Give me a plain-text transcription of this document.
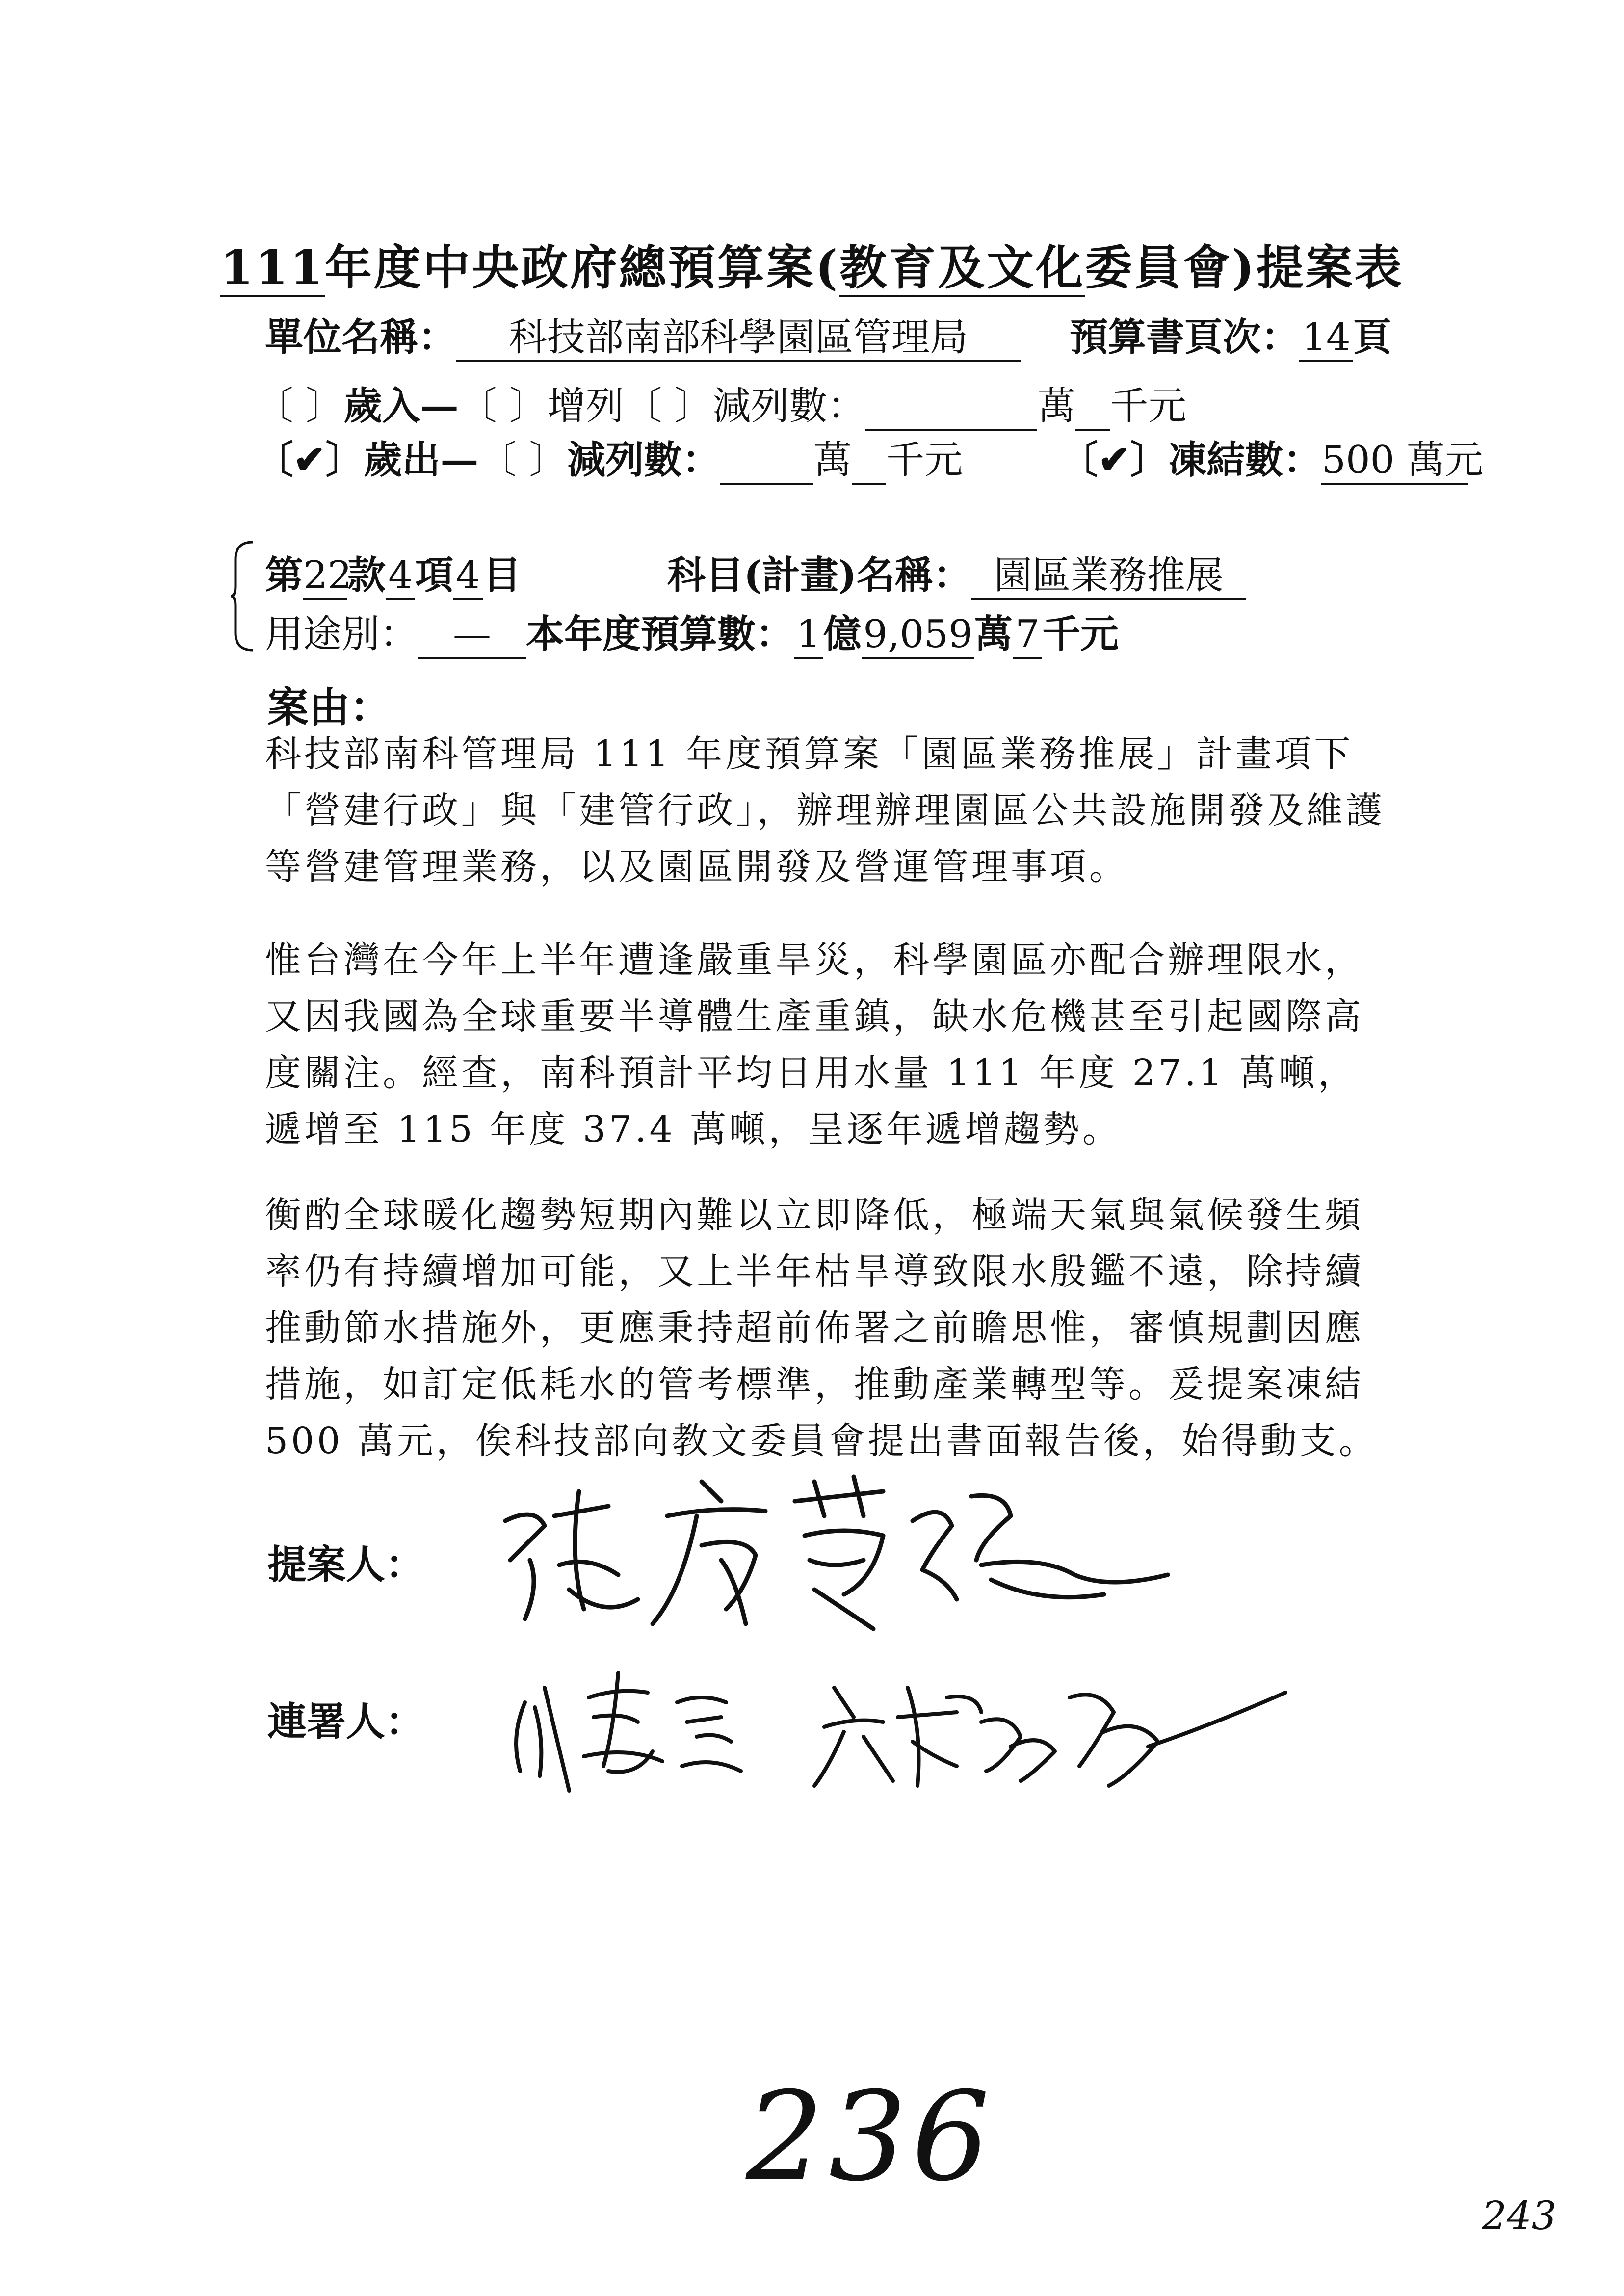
111年度中央政府總預算案(教育及文化委員會)提案表
單位名稱： 科技部南部科學園區管理局	預算書頁次：14頁
〔 〕歲入—〔 〕增列〔 〕減列數：	萬 千元
〔✔〕歲出—〔 〕減列數： 萬 千元	〔✔〕凍結數：500 萬元
第22款4項4目	科目(計畫)名稱： 園區業務推展
用途別： — 本年度預算數：1億9,059萬7千元
案由：
科技部南科管理局 111 年度預算案「園區業務推展」計畫項下「營建行政」與「建管行政」，辦理辦理園區公共設施開發及維護等營建管理業務，以及園區開發及營運管理事項。
惟台灣在今年上半年遭逢嚴重旱災，科學園區亦配合辦理限水，又因我國為全球重要半導體生產重鎮，缺水危機甚至引起國際高度關注。經查，南科預計平均日用水量 111 年度 27.1 萬噸，遞增至 115 年度 37.4 萬噸，呈逐年遞增趨勢。
衡酌全球暖化趨勢短期內難以立即降低，極端天氣與氣候發生頻率仍有持續增加可能，又上半年枯旱導致限水殷鑑不遠，除持續推動節水措施外，更應秉持超前佈署之前瞻思惟，審慎規劃因應措施，如訂定低耗水的管考標準，推動產業轉型等。爰提案凍結 500 萬元，俟科技部向教文委員會提出書面報告後，始得動支。
提案人：
連署人：
236
243
